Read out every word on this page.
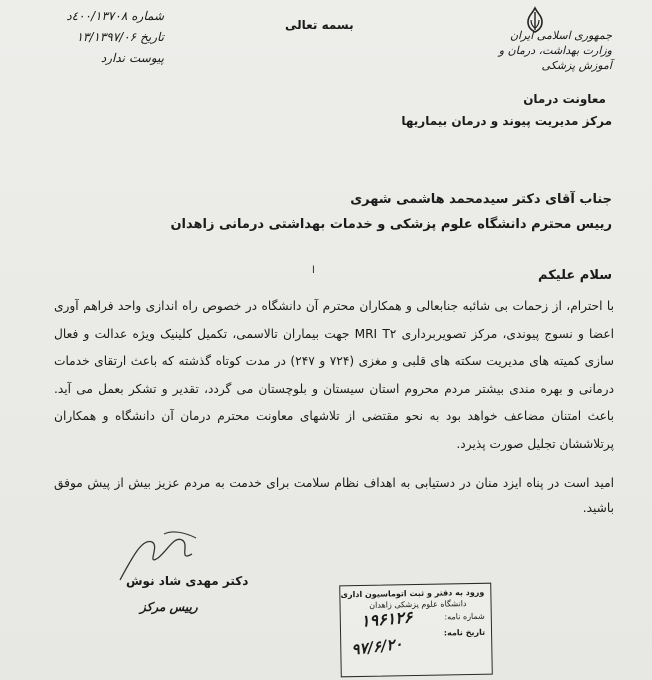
جمهوری اسلامی ایران
وزارت بهداشت، درمان و آموزش پزشکی
بسمه تعالی
معاونت درمان
مرکز مدیریت پیوند و درمان بیماریها
شماره
٤٠٠/١٣٧٠٨د
تاریخ
١٣٩٧/٠۶/١٣
پیوست
ندارد
جناب آقای دکتر سیدمحمد هاشمی شهری
رییس محترم دانشگاه علوم پزشکی و خدمات بهداشتی درمانی زاهدان
ا	سلام علیکم
با احترام، از زحمات بی شائبه جنابعالی و همکاران محترم آن دانشگاه در خصوص راه اندازی واحد فراهم آوری اعضا و نسوج پیوندی، مرکز تصویربرداری MRI T۲ جهت بیماران تالاسمی، تکمیل کلینیک ویژه عدالت و فعال سازی کمیته های مدیریت سکته های قلبی و مغزی (۷۲۴ و ۲۴۷) در مدت کوتاه گذشته که باعث ارتقای خدمات درمانی و بهره مندی بیشتر مردم محروم استان سیستان و بلوچستان می گردد، تقدیر و تشکر بعمل می آید. باعث امتنان مضاعف خواهد بود به نحو مقتضی از تلاشهای معاونت محترم درمان آن دانشگاه و همکاران پرتلاششان تجلیل صورت پذیرد.
امید است در پناه ایزد منان در دستیابی به اهداف نظام سلامت برای خدمت به مردم عزیز بیش از پیش موفق باشید.
دکتر مهدی شاد نوش
رییس مرکز
ورود به دفتر و ثبت اتوماسیون اداری
دانشگاه علوم پزشکی زاهدان
شماره نامه:
تاریخ نامه:
۱۹۶۱۲۶
۹۷/۶/۲۰
